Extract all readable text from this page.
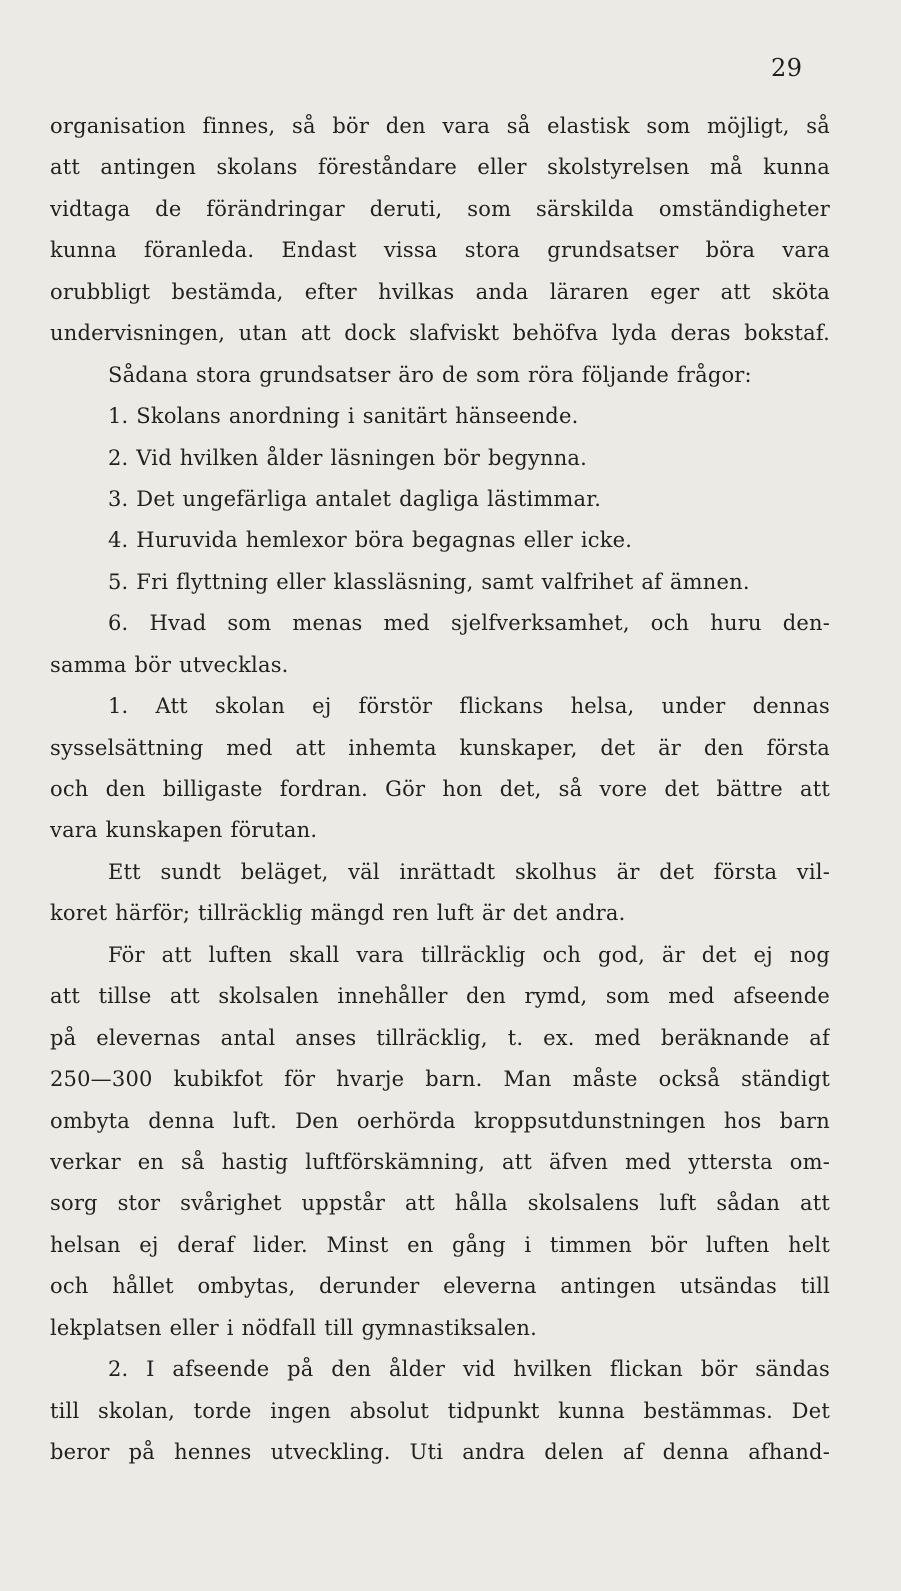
29
organisation finnes, så bör den vara så elastisk som möjligt, så
att antingen skolans föreståndare eller skolstyrelsen må kunna
vidtaga de förändringar deruti, som särskilda omständigheter
kunna föranleda. Endast vissa stora grundsatser böra vara
orubbligt bestämda, efter hvilkas anda läraren eger att sköta
undervisningen, utan att dock slafviskt behöfva lyda deras bokstaf.
Sådana stora grundsatser äro de som röra följande frågor:
1. Skolans anordning i sanitärt hänseende.
2. Vid hvilken ålder läsningen bör begynna.
3. Det ungefärliga antalet dagliga lästimmar.
4. Huruvida hemlexor böra begagnas eller icke.
5. Fri flyttning eller klassläsning, samt valfrihet af ämnen.
6. Hvad som menas med sjelfverksamhet, och huru den-
samma bör utvecklas.
1. Att skolan ej förstör flickans helsa, under dennas
sysselsättning med att inhemta kunskaper, det är den första
och den billigaste fordran. Gör hon det, så vore det bättre att
vara kunskapen förutan.
Ett sundt beläget, väl inrättadt skolhus är det första vil-
koret härför; tillräcklig mängd ren luft är det andra.
För att luften skall vara tillräcklig och god, är det ej nog
att tillse att skolsalen innehåller den rymd, som med afseende
på elevernas antal anses tillräcklig, t. ex. med beräknande af
250—300 kubikfot för hvarje barn. Man måste också ständigt
ombyta denna luft. Den oerhörda kroppsutdunstningen hos barn
verkar en så hastig luftförskämning, att äfven med yttersta om-
sorg stor svårighet uppstår att hålla skolsalens luft sådan att
helsan ej deraf lider. Minst en gång i timmen bör luften helt
och hållet ombytas, derunder eleverna antingen utsändas till
lekplatsen eller i nödfall till gymnastiksalen.
2. I afseende på den ålder vid hvilken flickan bör sändas
till skolan, torde ingen absolut tidpunkt kunna bestämmas. Det
beror på hennes utveckling. Uti andra delen af denna afhand-
